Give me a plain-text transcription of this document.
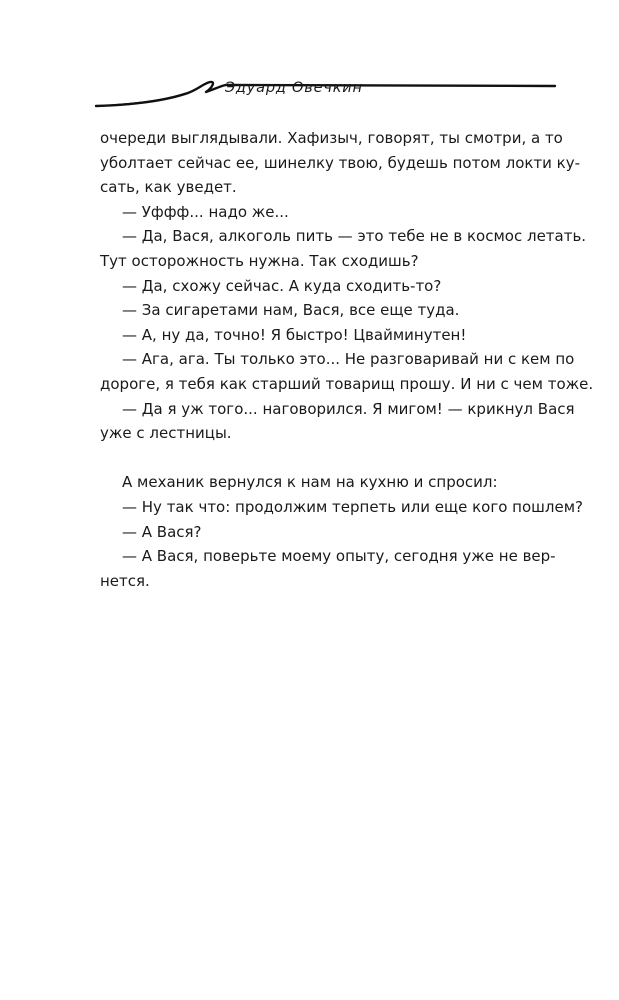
Эдуард Овечкин
очереди выглядывали. Хафизыч, говорят, ты смотри, а то
уболтает сейчас ее, шинелку твою, будешь потом локти ку-
сать, как уведет.
— Уффф... надо же...
— Да, Вася, алкоголь пить — это тебе не в космос летать.
Тут осторожность нужна. Так сходишь?
— Да, схожу сейчас. А куда сходить-то?
— За сигаретами нам, Вася, все еще туда.
— А, ну да, точно! Я быстро! Цвайминутен!
— Ага, ага. Ты только это... Не разговаривай ни с кем по
дороге, я тебя как старший товарищ прошу. И ни с чем тоже.
— Да я уж того... наговорился. Я мигом! — крикнул Вася
уже с лестницы.
А механик вернулся к нам на кухню и спросил:
— Ну так что: продолжим терпеть или еще кого пошлем?
— А Вася?
— А Вася, поверьте моему опыту, сегодня уже не вер-
нется.
